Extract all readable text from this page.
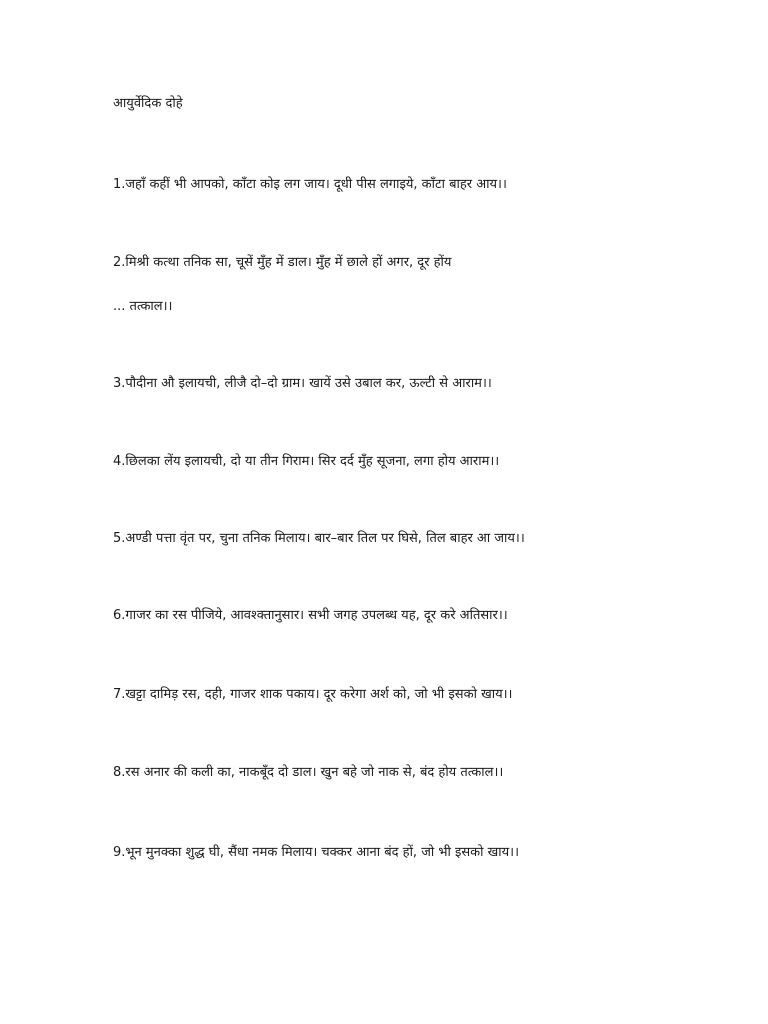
आयुर्वेदिक दोहे
1.जहाँ कहीं भी आपको, काँटा कोइ लग जाय। दूधी पीस लगाइये, काँटा बाहर आय।।
2.मिश्री कत्था तनिक सा, चूसें मुँह में डाल। मुँह में छाले हों अगर, दूर होंय
... तत्काल।।
3.पौदीना औ इलायची, लीजै दो–दो ग्राम। खायें उसे उबाल कर, ऊल्टी से आराम।।
4.छिलका लेंय इलायची, दो या तीन गिराम। सिर दर्द मुँह सूजना, लगा होय आराम।।
5.अण्डी पत्ता वृंत पर, चुना तनिक मिलाय। बार–बार तिल पर घिसे, तिल बाहर आ जाय।।
6.गाजर का रस पीजिये, आवश्क्तानुसार। सभी जगह उपलब्ध यह, दूर करे अतिसार।।
7.खट्टा दामिड़ रस, दही, गाजर शाक पकाय। दूर करेगा अर्श को, जो भी इसको खाय।।
8.रस अनार की कली का, नाकबूँद दो डाल। खुन बहे जो नाक से, बंद होय तत्काल।।
9.भून मुनक्का शुद्ध घी, सैंधा नमक मिलाय। चक्कर आना बंद हों, जो भी इसको खाय।।
